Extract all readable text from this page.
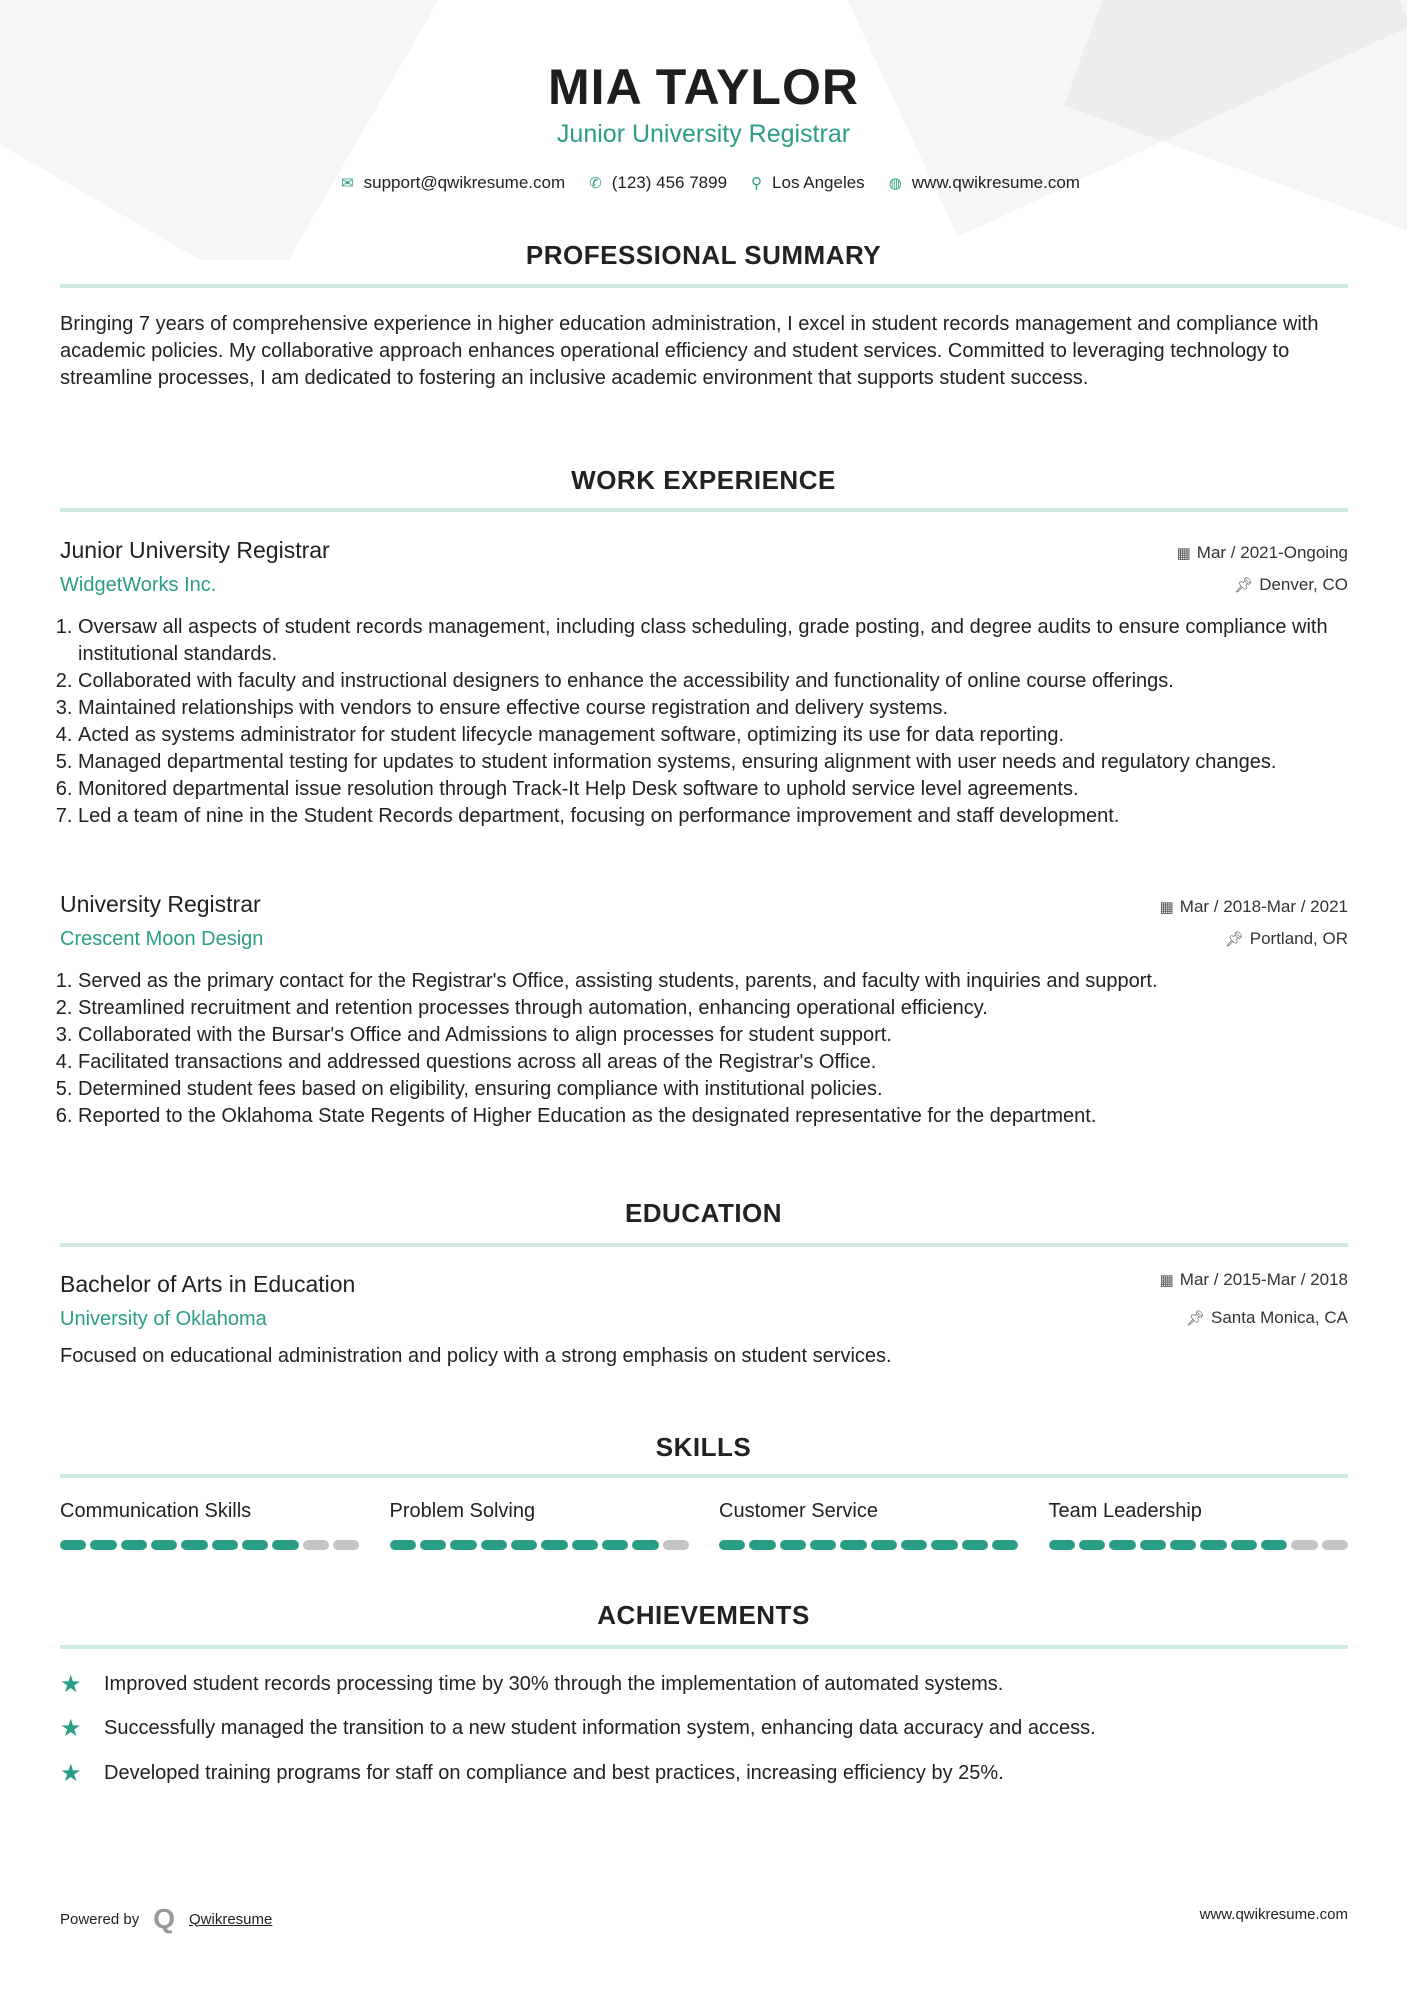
MIA TAYLOR
Junior University Registrar
✉ support@qwikresume.com ✆ (123) 456 7899 ⚲ Los Angeles ◍ www.qwikresume.com
PROFESSIONAL SUMMARY
Bringing 7 years of comprehensive experience in higher education administration, I excel in student records management and compliance with academic policies. My collaborative approach enhances operational efficiency and student services. Committed to leveraging technology to streamline processes, I am dedicated to fostering an inclusive academic environment that supports student success.
WORK EXPERIENCE
Junior University Registrar
WidgetWorks Inc.
▦ Mar / 2021-Ongoing
📌︎ Denver, CO
1. Oversaw all aspects of student records management, including class scheduling, grade posting, and degree audits to ensure compliance with institutional standards.
2. Collaborated with faculty and instructional designers to enhance the accessibility and functionality of online course offerings.
3. Maintained relationships with vendors to ensure effective course registration and delivery systems.
4. Acted as systems administrator for student lifecycle management software, optimizing its use for data reporting.
5. Managed departmental testing for updates to student information systems, ensuring alignment with user needs and regulatory changes.
6. Monitored departmental issue resolution through Track-It Help Desk software to uphold service level agreements.
7. Led a team of nine in the Student Records department, focusing on performance improvement and staff development.
University Registrar
Crescent Moon Design
▦ Mar / 2018-Mar / 2021
📌︎ Portland, OR
1. Served as the primary contact for the Registrar's Office, assisting students, parents, and faculty with inquiries and support.
2. Streamlined recruitment and retention processes through automation, enhancing operational efficiency.
3. Collaborated with the Bursar's Office and Admissions to align processes for student support.
4. Facilitated transactions and addressed questions across all areas of the Registrar's Office.
5. Determined student fees based on eligibility, ensuring compliance with institutional policies.
6. Reported to the Oklahoma State Regents of Higher Education as the designated representative for the department.
EDUCATION
Bachelor of Arts in Education
University of Oklahoma
▦ Mar / 2015-Mar / 2018
📌︎ Santa Monica, CA
Focused on educational administration and policy with a strong emphasis on student services.
SKILLS
Communication Skills	Problem Solving	Customer Service	Team Leadership
ACHIEVEMENTS
★	Improved student records processing time by 30% through the implementation of automated systems.
★	Successfully managed the transition to a new student information system, enhancing data accuracy and access.
★	Developed training programs for staff on compliance and best practices, increasing efficiency by 25%.
Powered by Q Qwikresume	www.qwikresume.com
